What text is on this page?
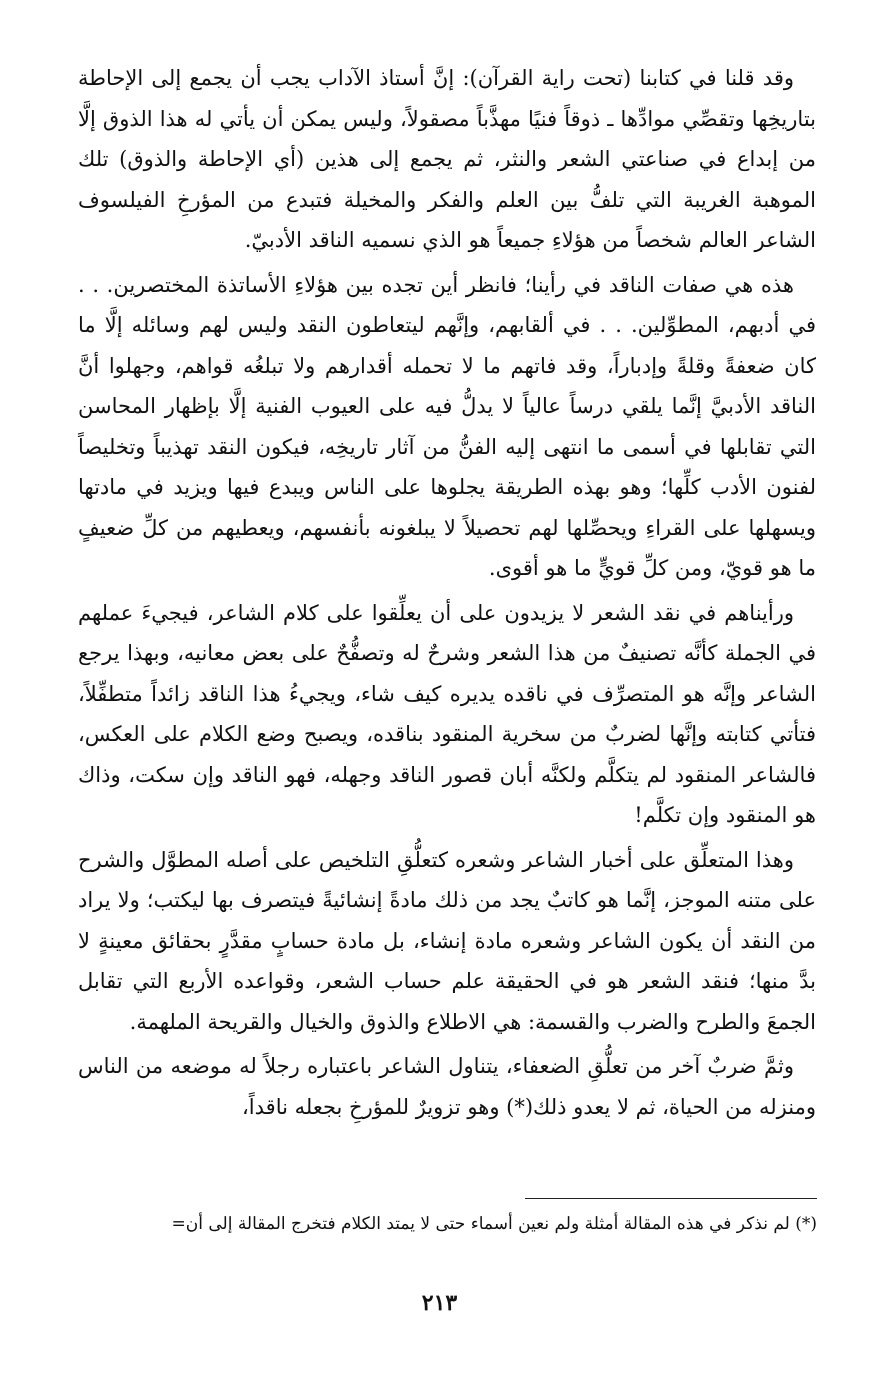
وقد قلنا في كتابنا (تحت راية القرآن): إنَّ أستاذ الآداب يجب أن يجمع إلى الإحاطة بتاريخِها وتقصِّي موادِّها ـ ذوقاً فنيًا مهذَّباً مصقولاً، وليس يمكن أن يأتي له هذا الذوق إلَّا من إبداع في صناعتي الشعر والنثر، ثم يجمع إلى هذين (أي الإحاطة والذوق) تلك الموهبة الغريبة التي تلفُّ بين العلم والفكر والمخيلة فتبدع من المؤرخِ الفيلسوف الشاعر العالم شخصاً من هؤلاءِ جميعاً هو الذي نسميه الناقد الأدبيّ.

هذه هي صفات الناقد في رأينا؛ فانظر أين تجده بين هؤلاءِ الأساتذة المختصرين. . . في أدبهم، المطوِّلين. . . في ألقابهم، وإنَّهم ليتعاطون النقد وليس لهم وسائله إلَّا ما كان ضعفةً وقلةً وإدباراً، وقد فاتهم ما لا تحمله أقدارهم ولا تبلغُه قواهم، وجهلوا أنَّ الناقد الأدبيَّ إنَّما يلقي درساً عالياً لا يدلُّ فيه على العيوب الفنية إلَّا بإظهار المحاسن التي تقابلها في أسمى ما انتهى إليه الفنُّ من آثار تاريخِه، فيكون النقد تهذيباً وتخليصاً لفنون الأدب كلِّها؛ وهو بهذه الطريقة يجلوها على الناس ويبدع فيها ويزيد في مادتها ويسهلها على القراءِ ويحصِّلها لهم تحصيلاً لا يبلغونه بأنفسهم، ويعطيهم من كلِّ ضعيفٍ ما هو قويّ، ومن كلِّ قويٍّ ما هو أقوى.

ورأيناهم في نقد الشعر لا يزيدون على أن يعلِّقوا على كلام الشاعر، فيجيءَ عملهم في الجملة كأنَّه تصنيفٌ من هذا الشعر وشرحٌ له وتصفُّحٌ على بعض معانيه، وبهذا يرجع الشاعر وإنَّه هو المتصرِّف في ناقده يديره كيف شاء، ويجيءُ هذا الناقد زائداً متطفِّلاً، فتأتي كتابته وإنَّها لضربٌ من سخرية المنقود بناقده، ويصبح وضع الكلام على العكس، فالشاعر المنقود لم يتكلَّم ولكنَّه أبان قصور الناقد وجهله، فهو الناقد وإن سكت، وذاك هو المنقود وإن تكلَّم!

وهذا المتعلِّق على أخبار الشاعر وشعره كتعلُّقِ التلخيص على أصله المطوَّل والشرح على متنه الموجز، إنَّما هو كاتبٌ يجد من ذلك مادةً إنشائيةً فيتصرف بها ليكتب؛ ولا يراد من النقد أن يكون الشاعر وشعره مادة إنشاء، بل مادة حسابٍ مقدَّرٍ بحقائق معينةٍ لا بدَّ منها؛ فنقد الشعر هو في الحقيقة علم حساب الشعر، وقواعده الأربع التي تقابل الجمعَ والطرح والضرب والقسمة: هي الاطلاع والذوق والخيال والقريحة الملهمة.

وثمَّ ضربٌ آخر من تعلُّقِ الضعفاء، يتناول الشاعر باعتباره رجلاً له موضعه من الناس ومنزله من الحياة، ثم لا يعدو ذلك(*) وهو تزويرٌ للمؤرخِ بجعله ناقداً،

(*) لم نذكر في هذه المقالة أمثلة ولم نعين أسماء حتى لا يمتد الكلام فتخرج المقالة إلى أن=
٢١٣
